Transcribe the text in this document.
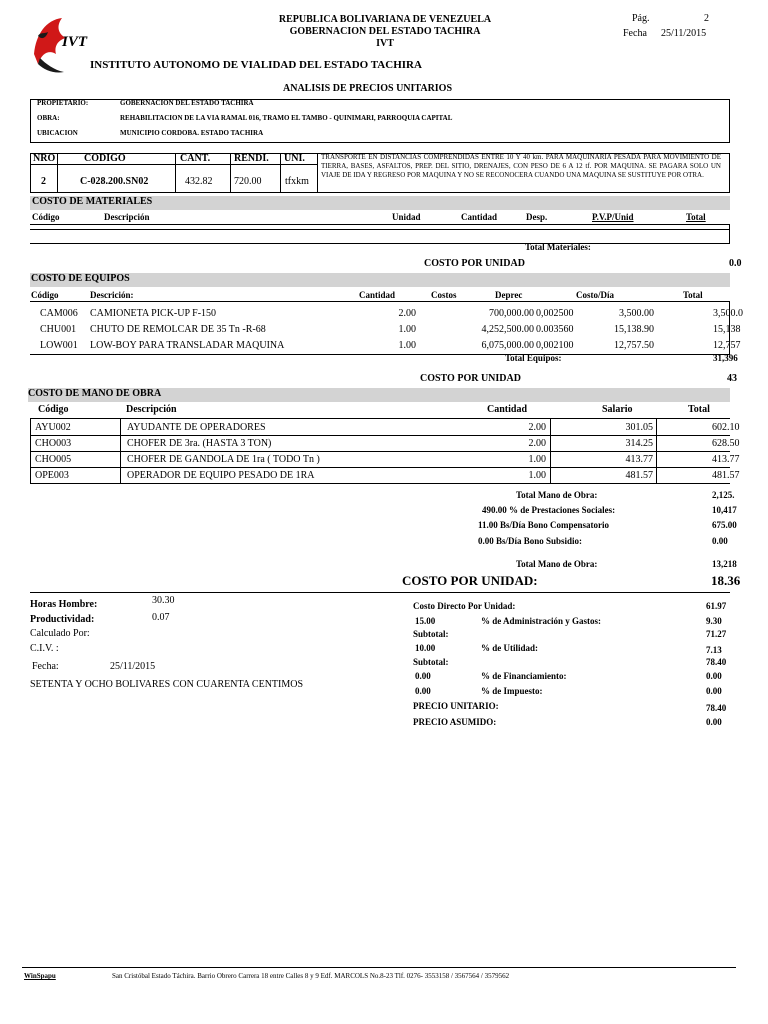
IVT
REPUBLICA BOLIVARIANA DE VENEZUELA
GOBERNACION DEL ESTADO TACHIRA
IVT
Pág.	2
Fecha 25/11/2015
INSTITUTO AUTONOMO DE VIALIDAD DEL ESTADO TACHIRA
ANALISIS DE PRECIOS UNITARIOS
PROPIETARIO:	GOBERNACION DEL ESTADO TACHIRA
OBRA:	REHABILITACION DE LA VIA RAMAL 016, TRAMO EL TAMBO - QUINIMARI, PARROQUIA CAPITAL
UBICACION	MUNICIPIO CORDOBA. ESTADO TACHIRA
NRO	CODIGO	CANT. RENDI. UNI.
2	C-028.200.SN02	432.82 720.00 tfxkm
TRANSPORTE EN DISTANCIAS COMPRENDIDAS ENTRE 10 Y 40 km. PARA MAQUINARIA PESADA PARA MOVIMIENTO DE TIERRA, BASES, ASFALTOS, PREP. DEL SITIO, DRENAJES, CON PESO DE 6 A 12 tf. POR MAQUINA. SE PAGARA SOLO UN VIAJE DE IDA Y REGRESO POR MAQUINA Y NO SE RECONOCERA CUANDO UNA MAQUINA SE SUSTITUYE POR OTRA.
COSTO DE MATERIALES
Código	Descripción	Unidad	Cantidad	Desp.	P.V.P/Unid	Total
Total Materiales:
COSTO POR UNIDAD	0.0
COSTO DE EQUIPOS
Código	Descrición:	Cantidad	Costos	Deprec	Costo/Día	Total
CAM006 CAMIONETA PICK-UP F-150	2.00	700,000.00 0,002500	3,500.00	3,500.0
CHU001 CHUTO DE REMOLCAR DE 35 Tn -R-68	1.00	4,252,500.00 0.003560	15,138.90	15,138
LOW001 LOW-BOY PARA TRANSLADAR MAQUINA	1.00	6,075,000.00 0,002100	12,757.50	12,757
Total Equipos:	31,396
COSTO POR UNIDAD	43
COSTO DE MANO DE OBRA
Código	Descripción	Cantidad	Salario	Total
AYU002	AYUDANTE DE OPERADORES	2.00	301.05	602.10
CHO003	CHOFER DE 3ra. (HASTA 3 TON)	2.00	314.25	628.50
CHO005	CHOFER DE GANDOLA DE 1ra ( TODO Tn )	1.00	413.77	413.77
OPE003	OPERADOR DE EQUIPO PESADO DE 1RA	1.00	481.57	481.57
Total Mano de Obra:	2,125.
490.00 % de Prestaciones Sociales:	10,417
11.00 Bs/Día Bono Compensatorio	675.00
0.00 Bs/Día Bono Subsidio:	0.00
Total Mano de Obra:	13,218
COSTO POR UNIDAD:	18.36
Horas Hombre:	30.30
Productividad:	0.07
Calculado Por:
C.I.V. :
Fecha:	25/11/2015
SETENTA Y OCHO BOLIVARES CON CUARENTA CENTIMOS
Costo Directo Por Unidad:	61.97
15.00	% de Administración y Gastos:	9.30
Subtotal:	71.27
10.00	% de Utilidad:	7.13
Subtotal:	78.40
0.00	% de Financiamiento:	0.00
0.00	% de Impuesto:	0.00
PRECIO UNITARIO:	78.40
PRECIO ASUMIDO:	0.00
WinSpapu	San Cristóbal Estado Táchira. Barrio Obrero Carrera 18 entre Calles 8 y 9 Edf. MARCOLS No.8-23 Tlf. 0276- 3553158 / 3567564 / 3579562
